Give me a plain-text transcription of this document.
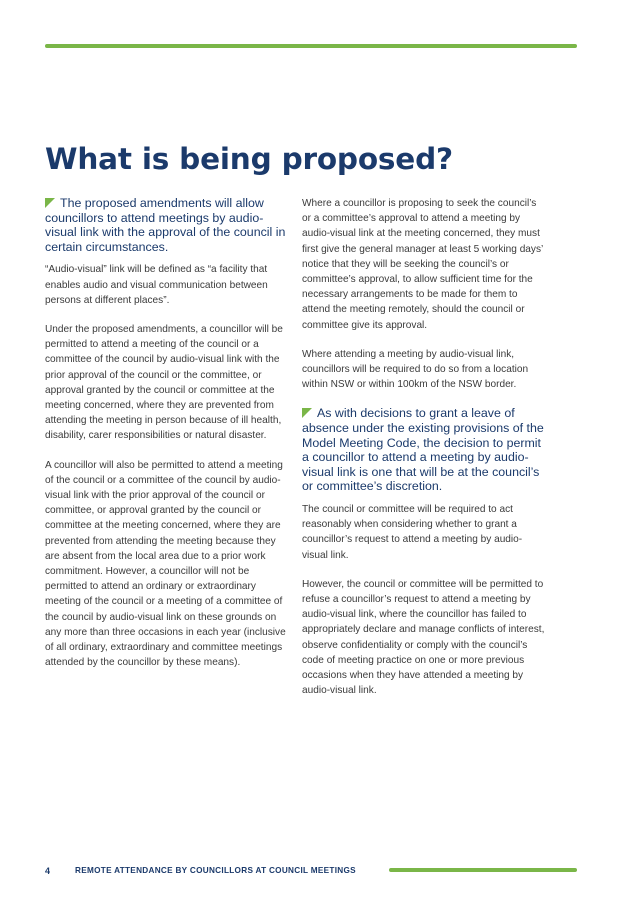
What is being proposed?
The proposed amendments will allow councillors to attend meetings by audio-visual link with the approval of the council in certain circumstances.

“Audio-visual” link will be defined as “a facility that enables audio and visual communication between persons at different places”.

Under the proposed amendments, a councillor will be permitted to attend a meeting of the council or a committee of the council by audio-visual link with the prior approval of the council or the committee, or approval granted by the council or committee at the meeting concerned, where they are prevented from attending the meeting in person because of ill health, disability, carer responsibilities or natural disaster.

A councillor will also be permitted to attend a meeting of the council or a committee of the council by audio-visual link with the prior approval of the council or committee, or approval granted by the council or committee at the meeting concerned, where they are prevented from attending the meeting because they are absent from the local area due to a prior work commitment. However, a councillor will not be permitted to attend an ordinary or extraordinary meeting of the council or a meeting of a committee of the council by audio-visual link on these grounds on any more than three occasions in each year (inclusive of all ordinary, extraordinary and committee meetings attended by the councillor by these means).

Where a councillor is proposing to seek the council’s or a committee’s approval to attend a meeting by audio-visual link at the meeting concerned, they must first give the general manager at least 5 working days’ notice that they will be seeking the council’s or committee’s approval, to allow sufficient time for the necessary arrangements to be made for them to attend the meeting remotely, should the council or committee give its approval.

Where attending a meeting by audio-visual link, councillors will be required to do so from a location within NSW or within 100km of the NSW border.

As with decisions to grant a leave of absence under the existing provisions of the Model Meeting Code, the decision to permit a councillor to attend a meeting by audio-visual link is one that will be at the council’s or committee’s discretion.

The council or committee will be required to act reasonably when considering whether to grant a councillor’s request to attend a meeting by audio-visual link.

However, the council or committee will be permitted to refuse a councillor’s request to attend a meeting by audio-visual link, where the councillor has failed to appropriately declare and manage conflicts of interest, observe confidentiality or comply with the council’s code of meeting practice on one or more previous occasions when they have attended a meeting by audio-visual link.

4	REMOTE ATTENDANCE BY COUNCILLORS AT COUNCIL MEETINGS
